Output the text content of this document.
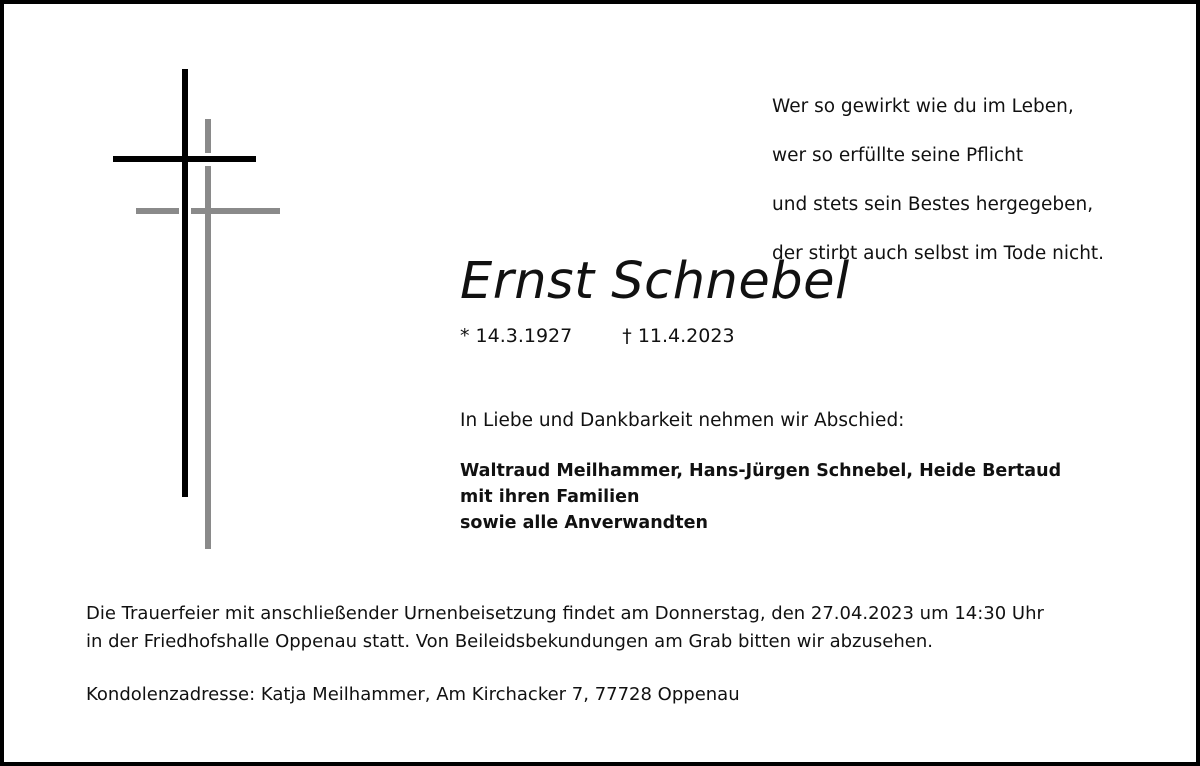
Wer so gewirkt wie du im Leben,

wer so erfüllte seine Pflicht

und stets sein Bestes hergegeben,

der stirbt auch selbst im Tode nicht.

Ernst Schnebel
* 14.3.1927	† 11.4.2023
In Liebe und Dankbarkeit nehmen wir Abschied:
Waltraud Meilhammer, Hans-Jürgen Schnebel, Heide Bertaud
mit ihren Familien
sowie alle Anverwandten
Die Trauerfeier mit anschließender Urnenbeisetzung findet am Donnerstag, den 27.04.2023 um 14:30 Uhr
in der Friedhofshalle Oppenau statt. Von Beileidsbekundungen am Grab bitten wir abzusehen.
Kondolenzadresse: Katja Meilhammer, Am Kirchacker 7, 77728 Oppenau
